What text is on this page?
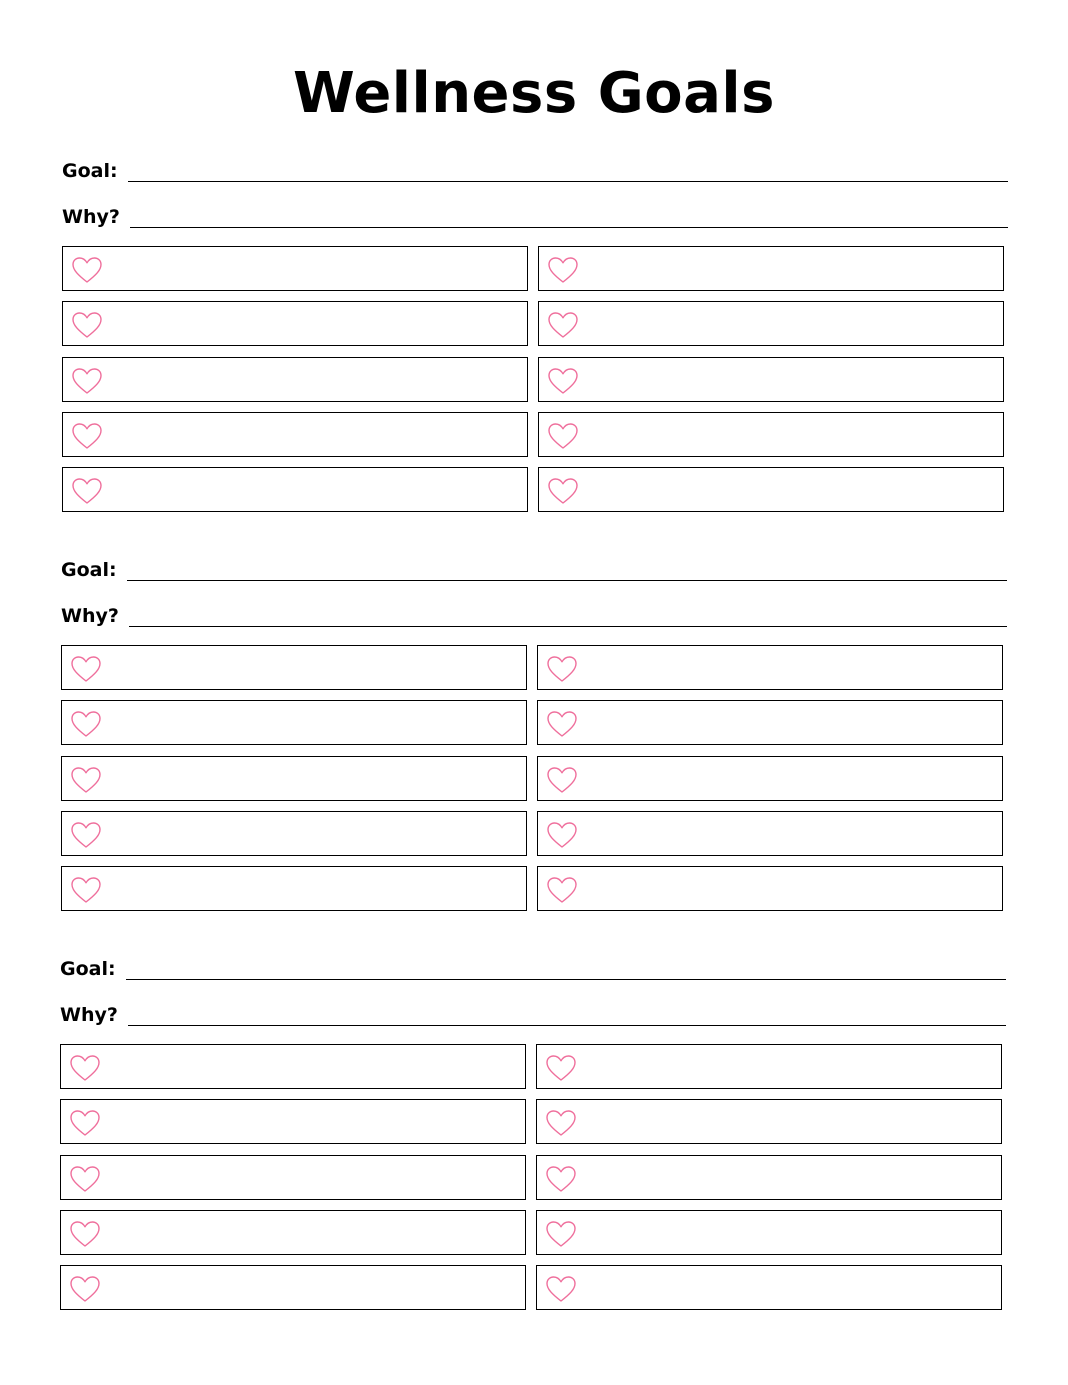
Wellness Goals
Goal:
Why?
Goal:
Why?
Goal:
Why?
